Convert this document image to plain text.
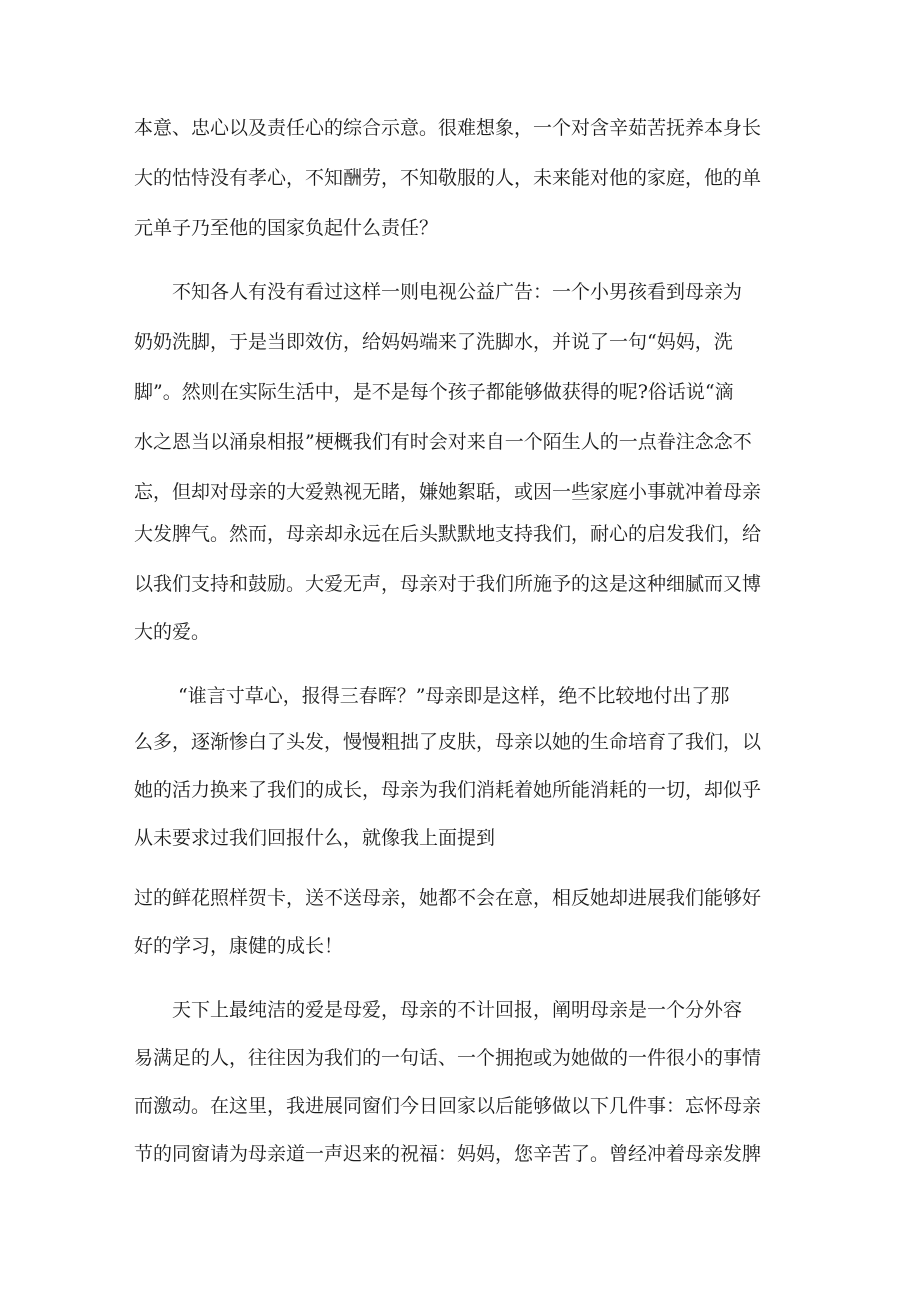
本意、忠心以及责任心的综合示意。很难想象，一个对含辛茹苦抚养本身长

大的怙恃没有孝心，不知酬劳，不知敬服的人，未来能对他的家庭，他的单

元单子乃至他的国家负起什么责任？

不知各人有没有看过这样一则电视公益广告：一个小男孩看到母亲为

奶奶洗脚，于是当即效仿，给妈妈端来了洗脚水，并说了一句“妈妈，洗

脚”。然则在实际生活中，是不是每个孩子都能够做获得的呢?俗话说“滴

水之恩当以涌泉相报”梗概我们有时会对来自一个陌生人的一点眷注念念不

忘，但却对母亲的大爱熟视无睹，嫌她絮聒，或因一些家庭小事就冲着母亲

大发脾气。然而，母亲却永远在后头默默地支持我们，耐心的启发我们，给

以我们支持和鼓励。大爱无声，母亲对于我们所施予的这是这种细腻而又博

大的爱。

“谁言寸草心，报得三春晖？”母亲即是这样，绝不比较地付出了那

么多，逐渐惨白了头发，慢慢粗拙了皮肤，母亲以她的生命培育了我们，以

她的活力换来了我们的成长，母亲为我们消耗着她所能消耗的一切，却似乎

从未要求过我们回报什么，就像我上面提到

过的鲜花照样贺卡，送不送母亲，她都不会在意，相反她却进展我们能够好

好的学习，康健的成长！

天下上最纯洁的爱是母爱，母亲的不计回报，阐明母亲是一个分外容

易满足的人，往往因为我们的一句话、一个拥抱或为她做的一件很小的事情

而激动。在这里，我进展同窗们今日回家以后能够做以下几件事：忘怀母亲

节的同窗请为母亲道一声迟来的祝福：妈妈，您辛苦了。曾经冲着母亲发脾
